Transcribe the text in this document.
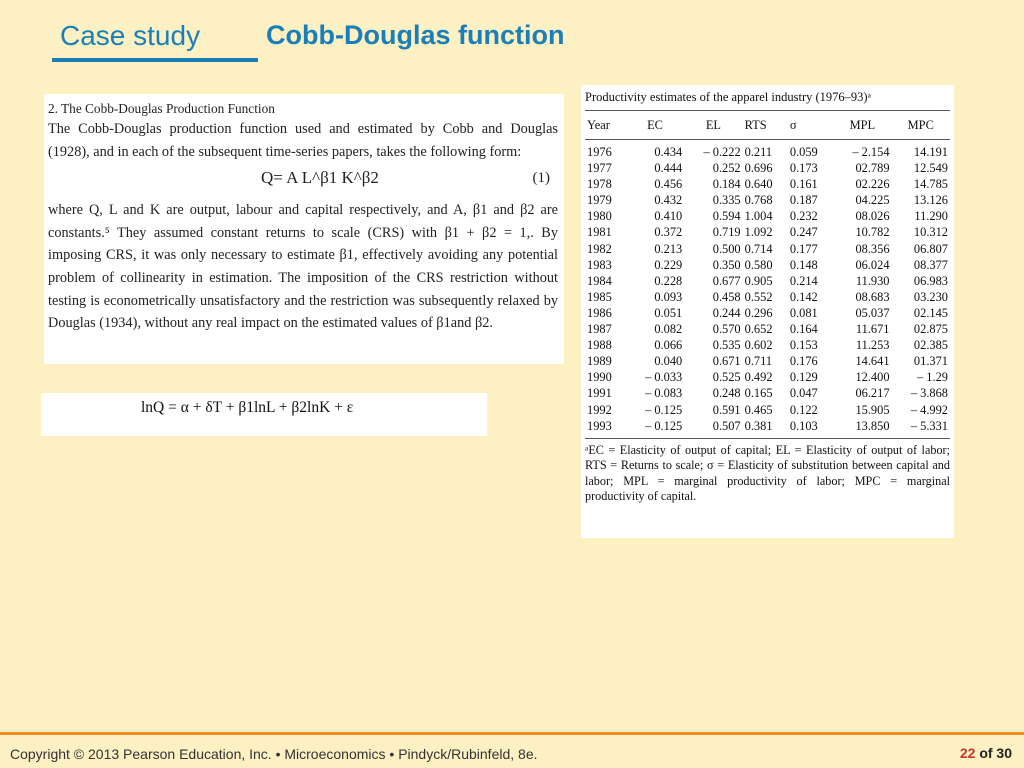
Case study Cobb-Douglas function
2. The Cobb-Douglas Production Function

The Cobb-Douglas production function used and estimated by Cobb and Douglas (1928), and in each of the subsequent time-series papers, takes the following form:

Q= A L^β1 K^β2	(1)

where Q, L and K are output, labour and capital respectively, and A, β1 and β2 are constants.⁵ They assumed constant returns to scale (CRS) with β1 + β2 = 1,. By imposing CRS, it was only necessary to estimate β1, effectively avoiding any potential problem of collinearity in estimation. The imposition of the CRS restriction without testing is econometrically unsatisfactory and the restriction was subsequently relaxed by Douglas (1934), without any real impact on the estimated values of β1and β2.

lnQ = α + δT + β1lnL + β2lnK + ε
Productivity estimates of the apparel industry (1976–93)ᵃ
Year	EC	EL	RTS	σ	MPL	MPC
1976	0.434	– 0.222	0.211	0.059	– 2.154	14.191
1977	0.444	0.252	0.696	0.173	02.789	12.549
1978	0.456	0.184	0.640	0.161	02.226	14.785
1979	0.432	0.335	0.768	0.187	04.225	13.126
1980	0.410	0.594	1.004	0.232	08.026	11.290
1981	0.372	0.719	1.092	0.247	10.782	10.312
1982	0.213	0.500	0.714	0.177	08.356	06.807
1983	0.229	0.350	0.580	0.148	06.024	08.377
1984	0.228	0.677	0.905	0.214	11.930	06.983
1985	0.093	0.458	0.552	0.142	08.683	03.230
1986	0.051	0.244	0.296	0.081	05.037	02.145
1987	0.082	0.570	0.652	0.164	11.671	02.875
1988	0.066	0.535	0.602	0.153	11.253	02.385
1989	0.040	0.671	0.711	0.176	14.641	01.371
1990	– 0.033	0.525	0.492	0.129	12.400	– 1.29
1991	– 0.083	0.248	0.165	0.047	06.217	– 3.868
1992	– 0.125	0.591	0.465	0.122	15.905	– 4.992
1993	– 0.125	0.507	0.381	0.103	13.850	– 5.331
ᵃEC = Elasticity of output of capital; EL = Elasticity of output of labor; RTS = Returns to scale; σ = Elasticity of substitution between capital and labor; MPL = marginal productivity of labor; MPC = marginal productivity of capital.
Copyright © 2013 Pearson Education, Inc. • Microeconomics • Pindyck/Rubinfeld, 8e.	22 of 30
